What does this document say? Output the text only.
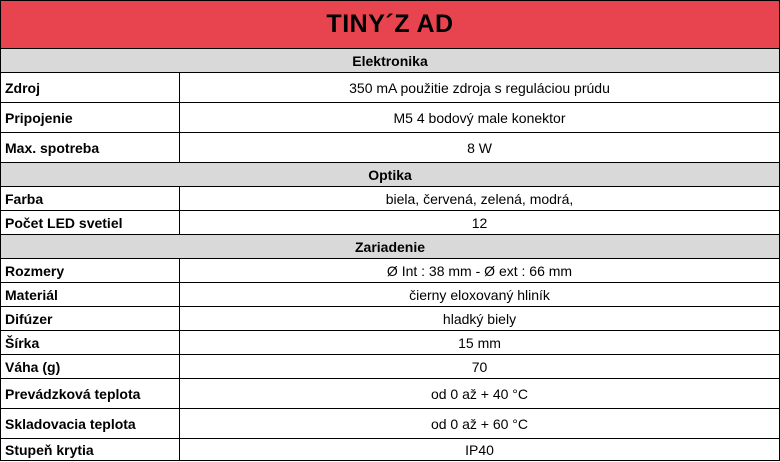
TINY´Z AD	
Elektronika	
Zdroj	350 mA použitie zdroja s reguláciou prúdu
Pripojenie	M5 4 bodový male konektor
Max. spotreba	8 W
Optika	
Farba	biela, červená, zelená, modrá,
Počet LED svetiel	12
Zariadenie	
Rozmery	Ø Int : 38 mm - Ø ext : 66 mm
Materiál	čierny eloxovaný hliník
Difúzer	hladký biely
Šírka	15 mm
Váha (g)	70
Prevádzková teplota	od 0 až + 40 °C
Skladovacia teplota	od 0 až + 60 °C
Stupeň krytia	IP40
